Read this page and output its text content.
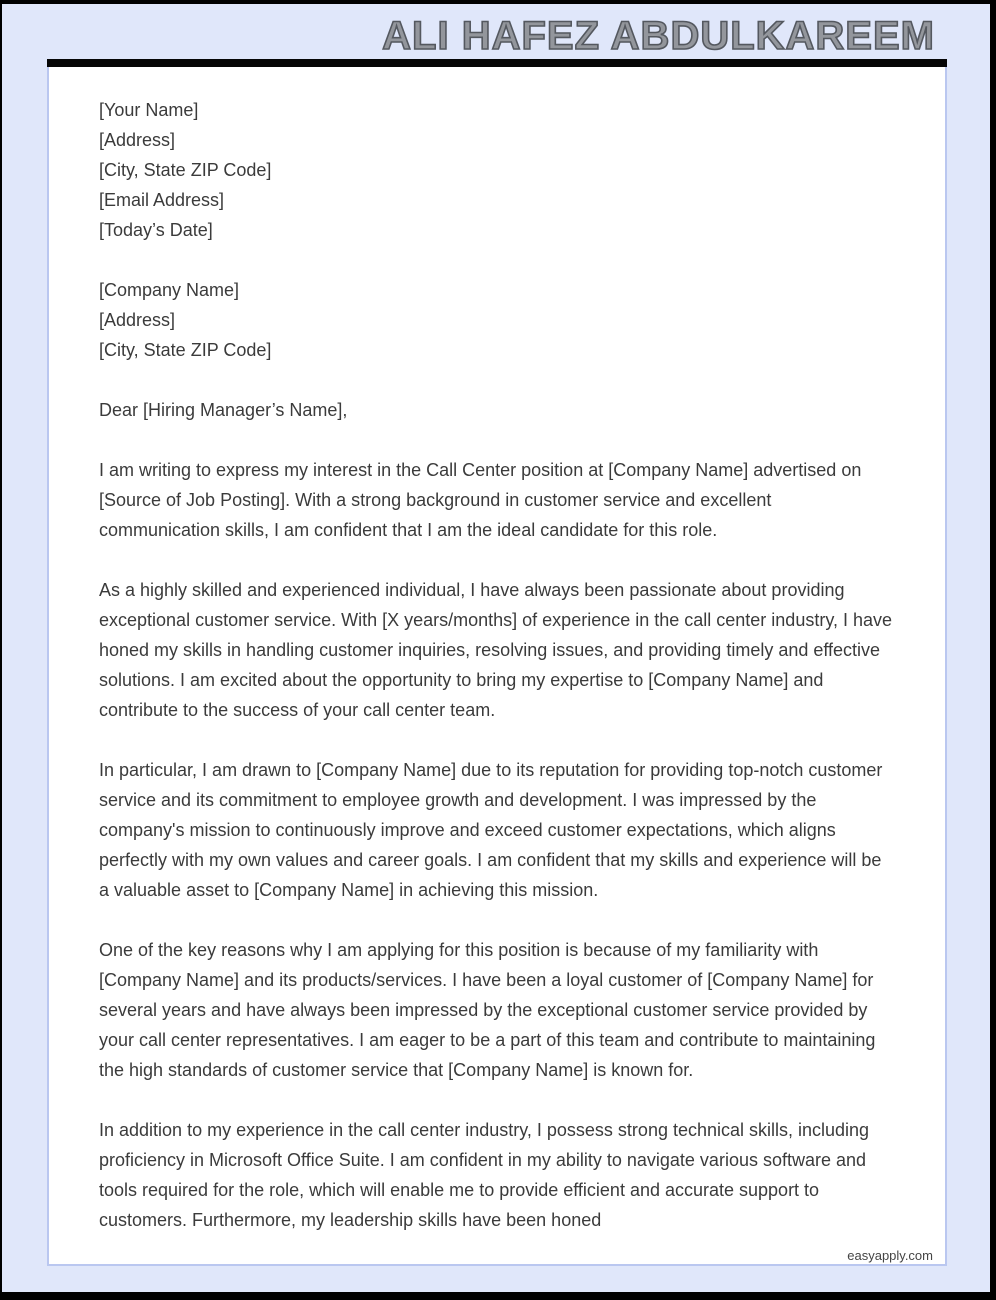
ALI HAFEZ ABDULKAREEM
[Your Name]
[Address]
[City, State ZIP Code]
[Email Address]
[Today’s Date]
[Company Name]
[Address]
[City, State ZIP Code]

Dear [Hiring Manager’s Name],

I am writing to express my interest in the Call Center position at [Company Name] advertised on [Source of Job Posting]. With a strong background in customer service and excellent communication skills, I am confident that I am the ideal candidate for this role.

As a highly skilled and experienced individual, I have always been passionate about providing exceptional customer service. With [X years/months] of experience in the call center industry, I have honed my skills in handling customer inquiries, resolving issues, and providing timely and effective solutions. I am excited about the opportunity to bring my expertise to [Company Name] and contribute to the success of your call center team.

In particular, I am drawn to [Company Name] due to its reputation for providing top-notch customer service and its commitment to employee growth and development. I was impressed by the company's mission to continuously improve and exceed customer expectations, which aligns perfectly with my own values and career goals. I am confident that my skills and experience will be a valuable asset to [Company Name] in achieving this mission.

One of the key reasons why I am applying for this position is because of my familiarity with [Company Name] and its products/services. I have been a loyal customer of [Company Name] for several years and have always been impressed by the exceptional customer service provided by your call center representatives. I am eager to be a part of this team and contribute to maintaining the high standards of customer service that [Company Name] is known for.

In addition to my experience in the call center industry, I possess strong technical skills, including proficiency in Microsoft Office Suite. I am confident in my ability to navigate various software and tools required for the role, which will enable me to provide efficient and accurate support to customers. Furthermore, my leadership skills have been honed

easyapply.com
